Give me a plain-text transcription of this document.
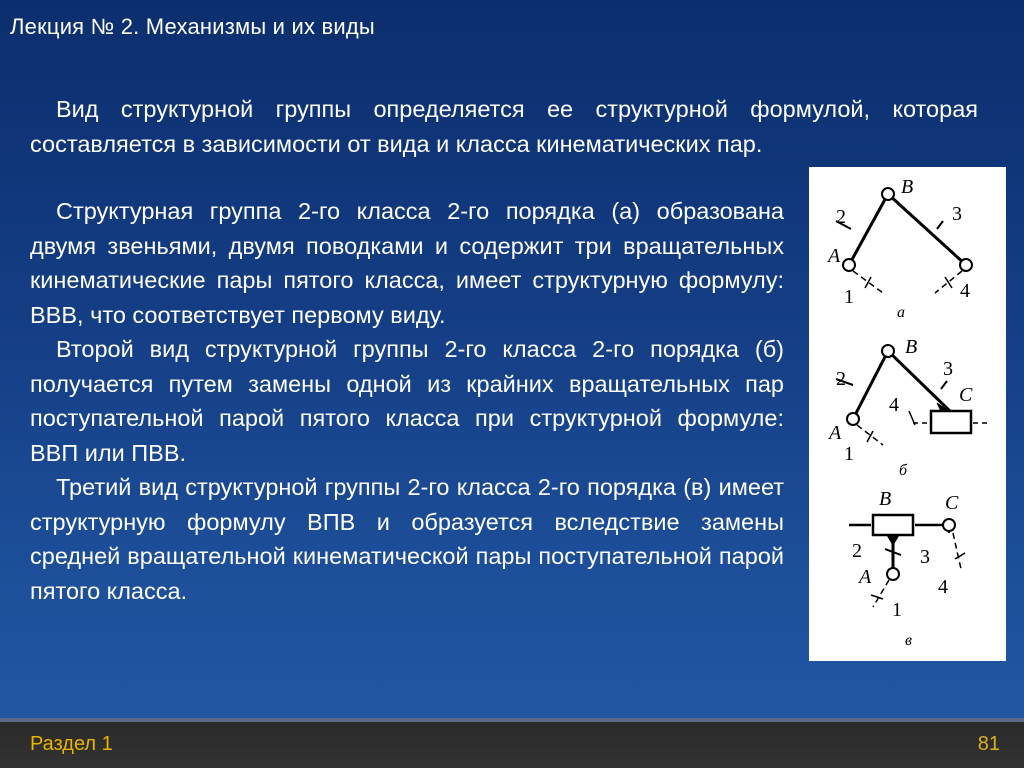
Лекция № 2. Механизмы и их виды

Вид структурной группы определяется ее структурной формулой, которая составляется в зависимости от вида и класса кинематических пар.

Структурная группа 2-го класса 2-го порядка (а) образована двумя звеньями, двумя поводками и содержит три вращательных кинематические пары пятого класса, имеет структурную формулу: ВВВ, что соответствует первому виду.

Второй вид структурной группы 2-го класса 2-го порядка (б) получается путем замены одной из крайних вращательных пар поступательной парой пятого класса при структурной формуле: ВВП или ПВВ.

Третий вид структурной группы 2-го класса 2-го порядка (в) имеет структурную формулу ВПВ и образуется вследствие замены средней вращательной кинематической пары поступательной парой пятого класса.

B
2	3
A
1	4
а
B
2	3
C
4
A
1
б
B	C
2	3
4
A
1
в
Раздел 1	81
